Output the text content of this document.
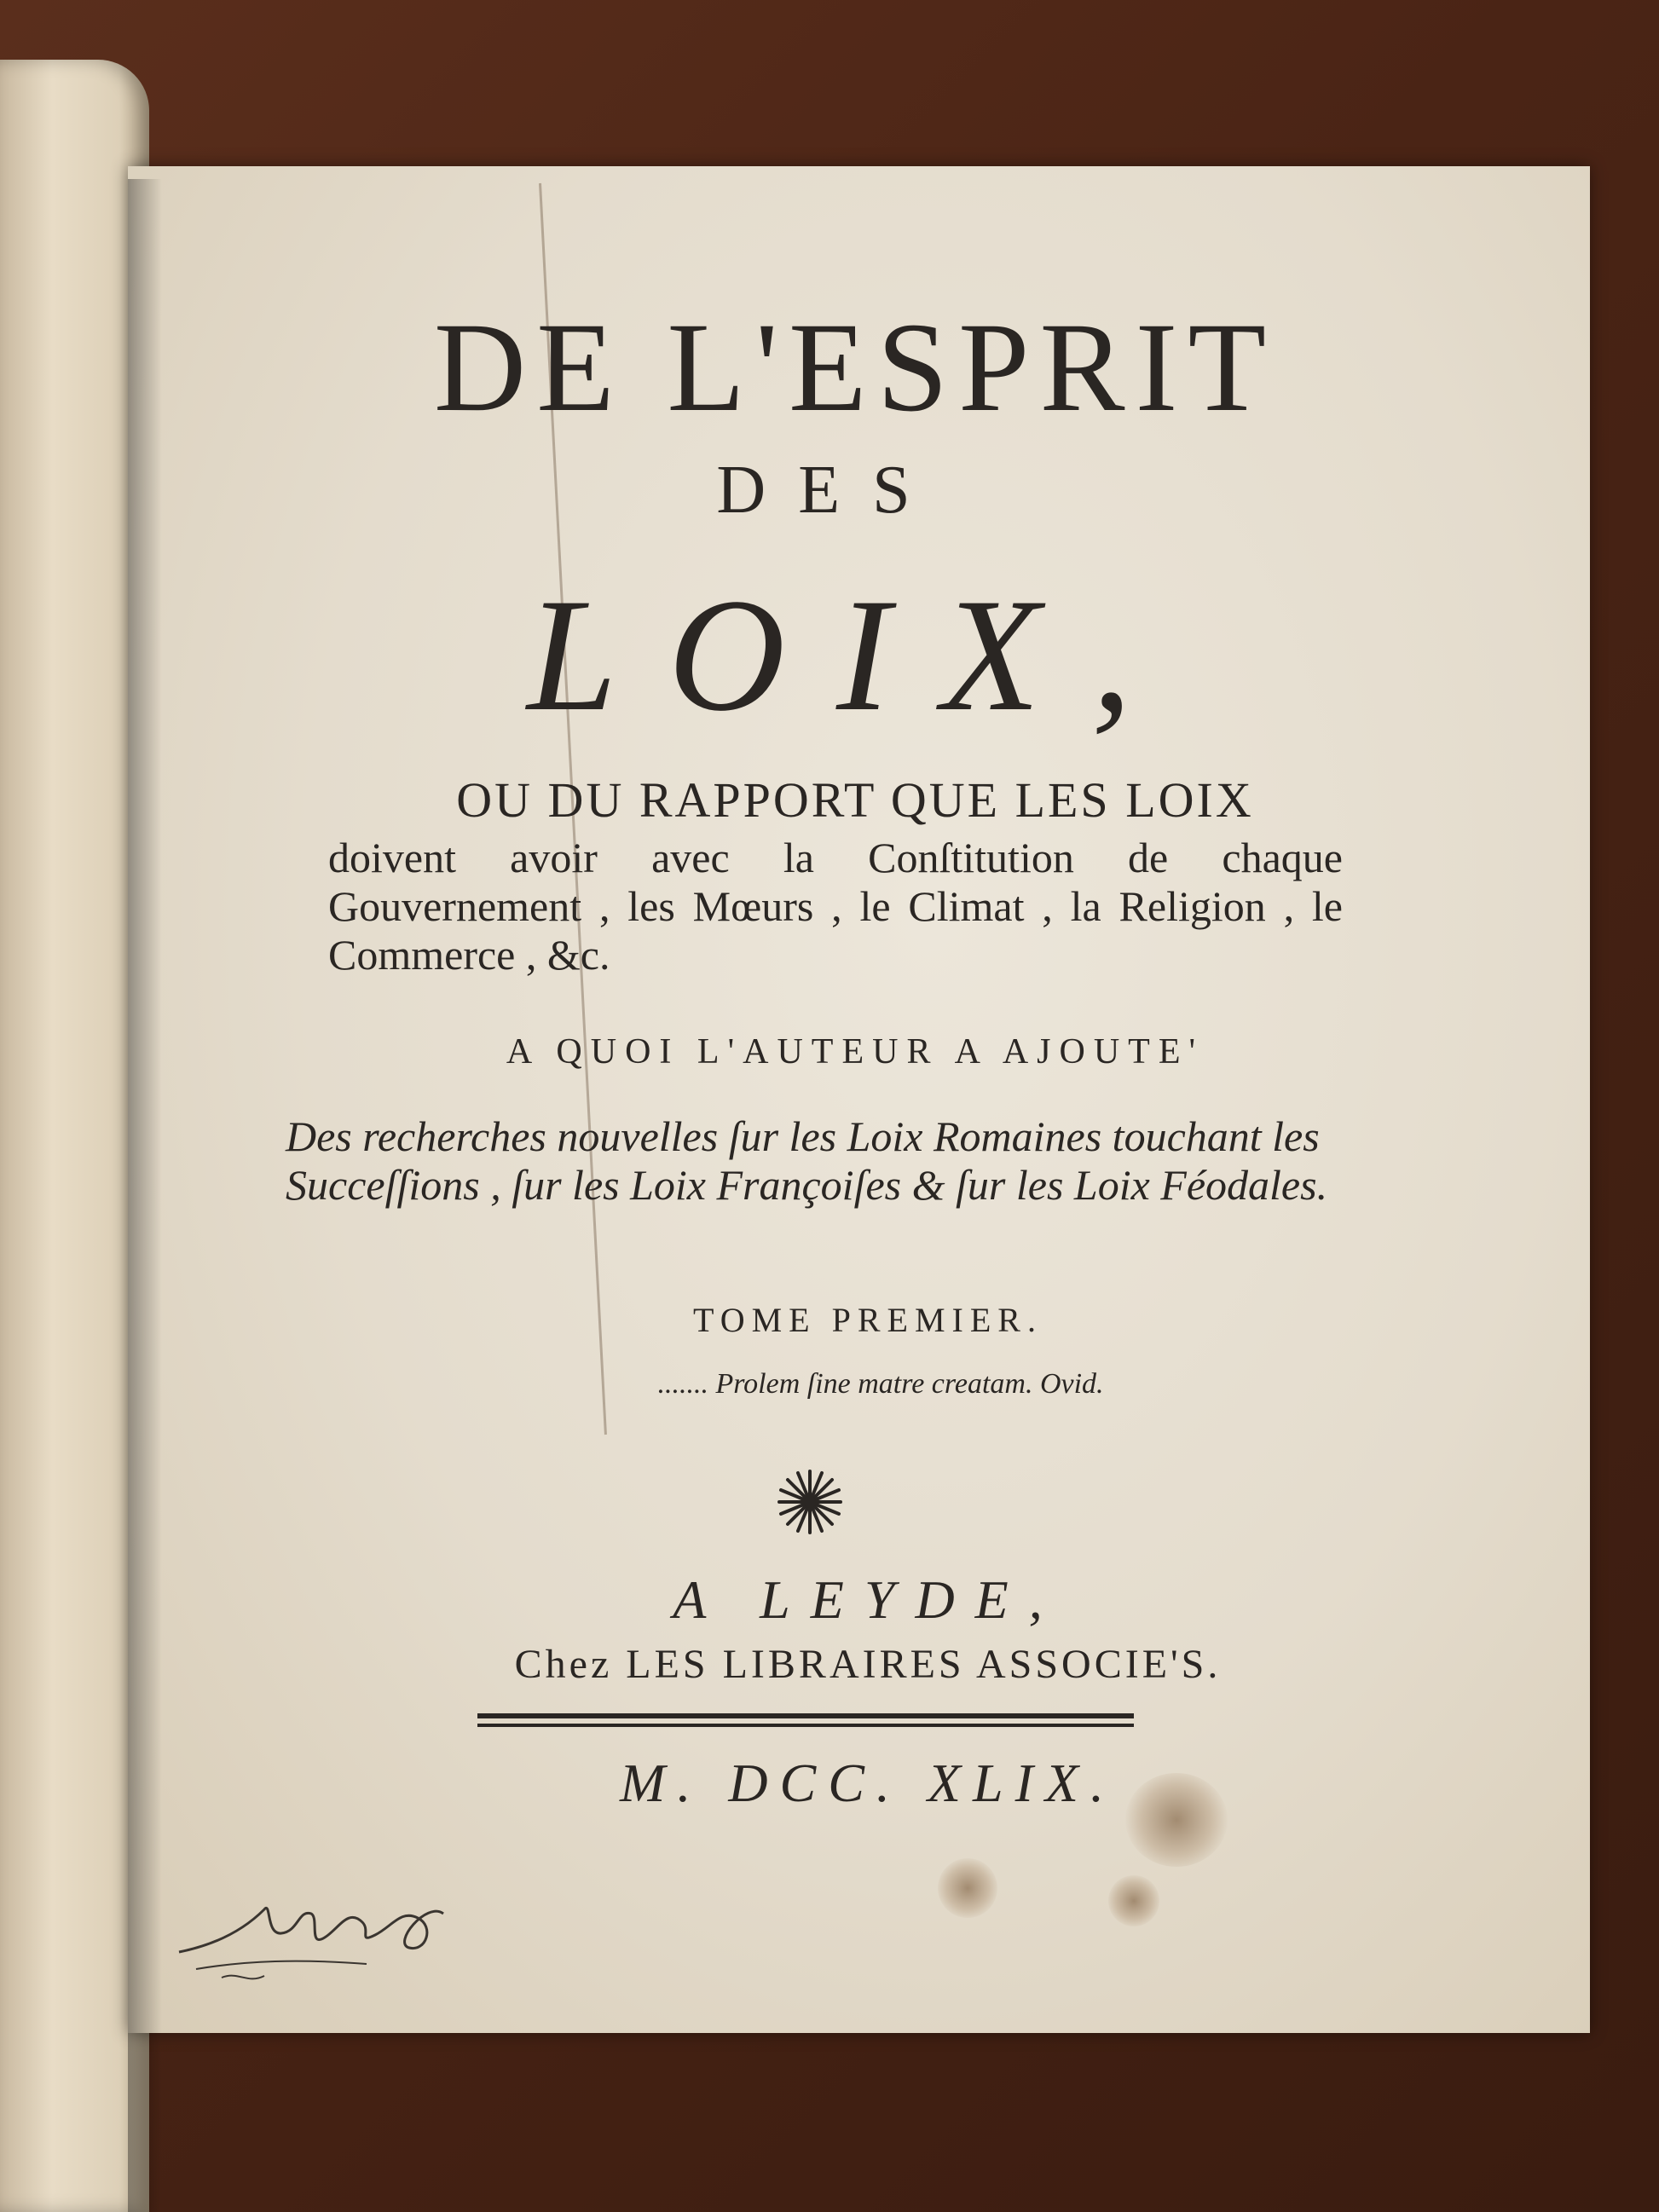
DE L'ESPRIT
DES
LOIX,
OU DU RAPPORT QUE LES LOIX
doivent avoir avec la Conſtitution de chaque Gouvernement , les Mœurs , le Climat , la Religion , le Commerce , &c.
A QUOI L'AUTEUR A AJOUTE'
Des recherches nouvelles ſur les Loix Romaines touchant les Succeſſions , ſur les Loix Françoiſes & ſur les Loix Féodales.
TOME PREMIER.
....... Prolem ſine matre creatam. Ovid.
A LEYDE,
Chez LES LIBRAIRES ASSOCIE'S.
M. DCC. XLIX.
